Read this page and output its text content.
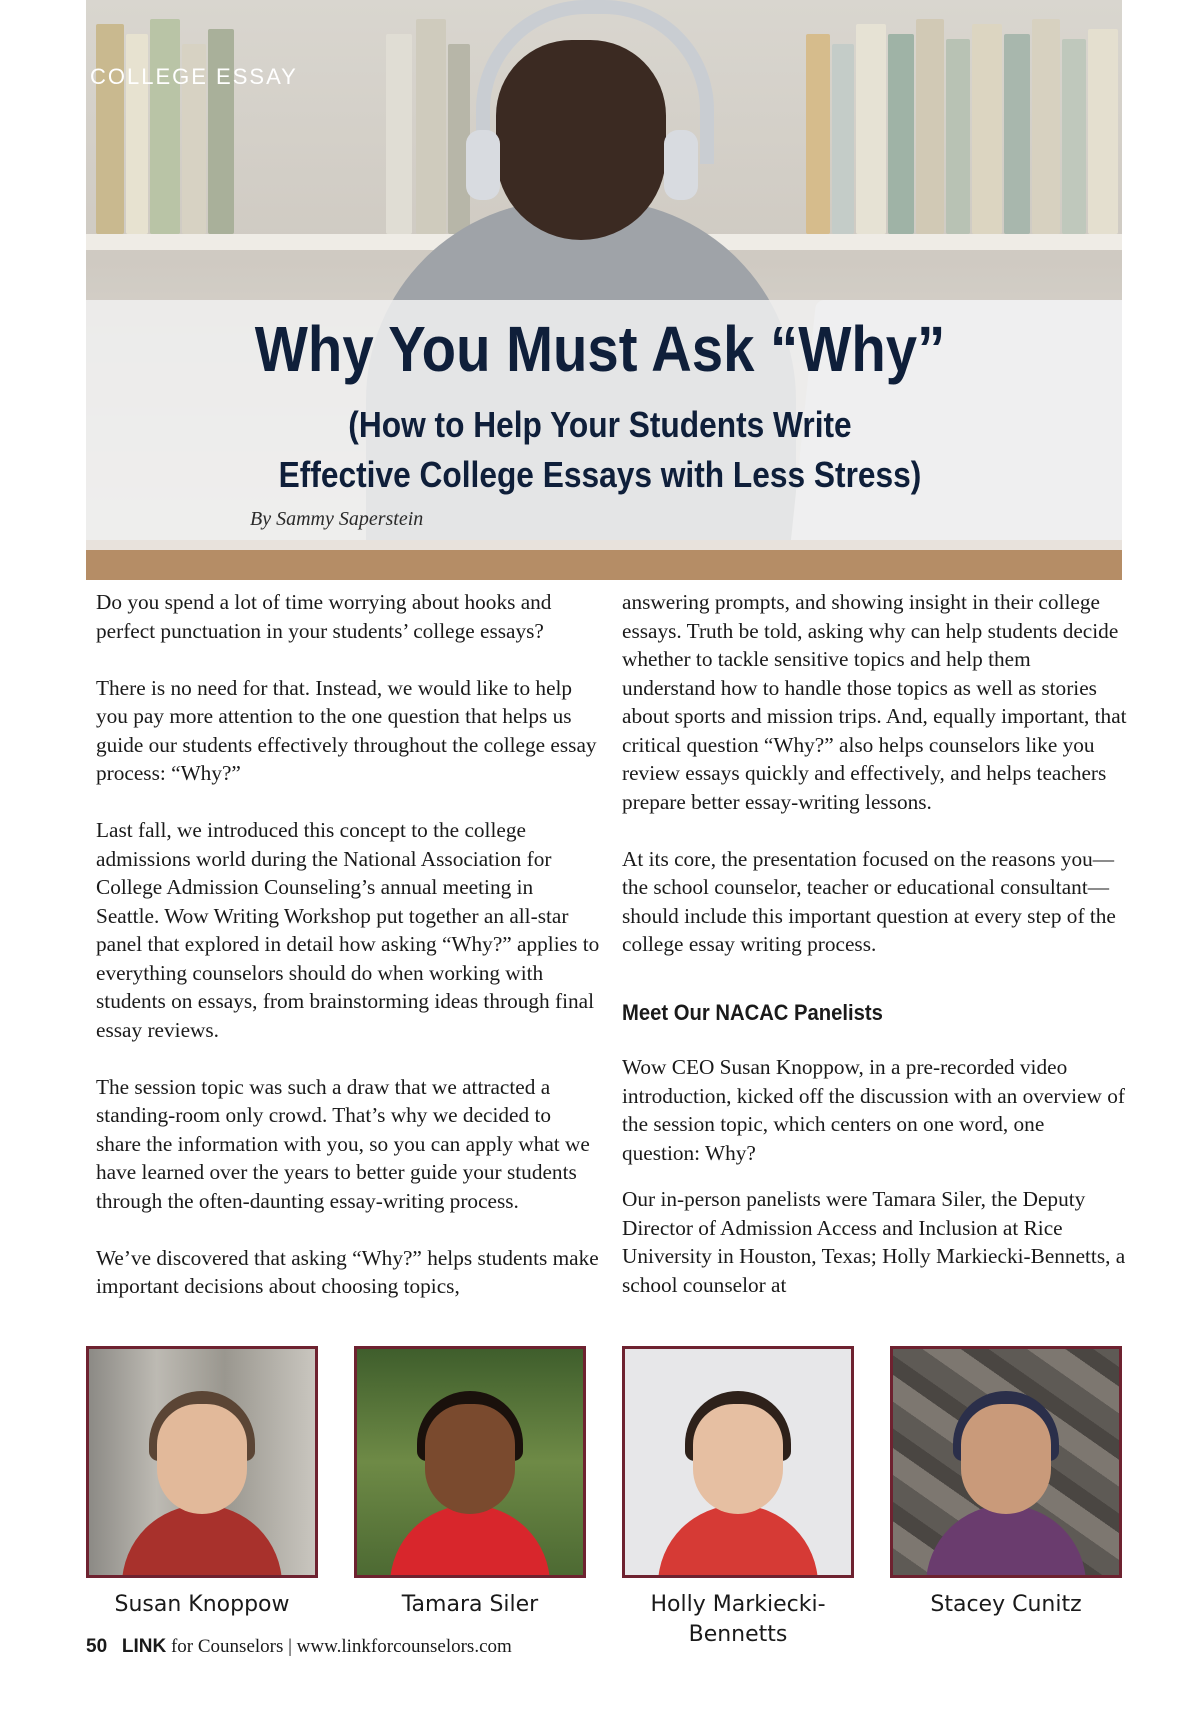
COLLEGE ESSAY
Why You Must Ask “Why”
(How to Help Your Students Write
Effective College Essays with Less Stress)
By Sammy Saperstein

Do you spend a lot of time worrying about hooks and perfect punctuation in your students’ college essays?

There is no need for that. Instead, we would like to help you pay more attention to the one question that helps us guide our students effectively throughout the college essay process: “Why?”

Last fall, we introduced this concept to the college admissions world during the National Association for College Admission Counseling’s annual meeting in Seattle. Wow Writing Workshop put together an all-star panel that explored in detail how asking “Why?” applies to everything counselors should do when working with students on essays, from brainstorming ideas through final essay reviews.

The session topic was such a draw that we attracted a standing-room only crowd. That’s why we decided to share the information with you, so you can apply what we have learned over the years to better guide your students through the often-daunting essay-writing process.

We’ve discovered that asking “Why?” helps students make important decisions about choosing topics,

answering prompts, and showing insight in their college essays. Truth be told, asking why can help students decide whether to tackle sensitive topics and help them understand how to handle those topics as well as stories about sports and mission trips. And, equally important, that critical question “Why?” also helps counselors like you review essays quickly and effectively, and helps teachers prepare better essay-writing lessons.

At its core, the presentation focused on the reasons you—the school counselor, teacher or educational consultant—should include this important question at every step of the college essay writing process.

Meet Our NACAC Panelists

Wow CEO Susan Knoppow, in a pre-recorded video introduction, kicked off the discussion with an overview of the session topic, which centers on one word, one question: Why?

Our in-person panelists were Tamara Siler, the Deputy Director of Admission Access and Inclusion at Rice University in Houston, Texas; Holly Markiecki-Bennetts, a school counselor at

Susan Knoppow	Tamara Siler	Holly Markiecki-
Bennetts
Stacey Cunitz
50 LINK for Counselors | www.linkforcounselors.com
